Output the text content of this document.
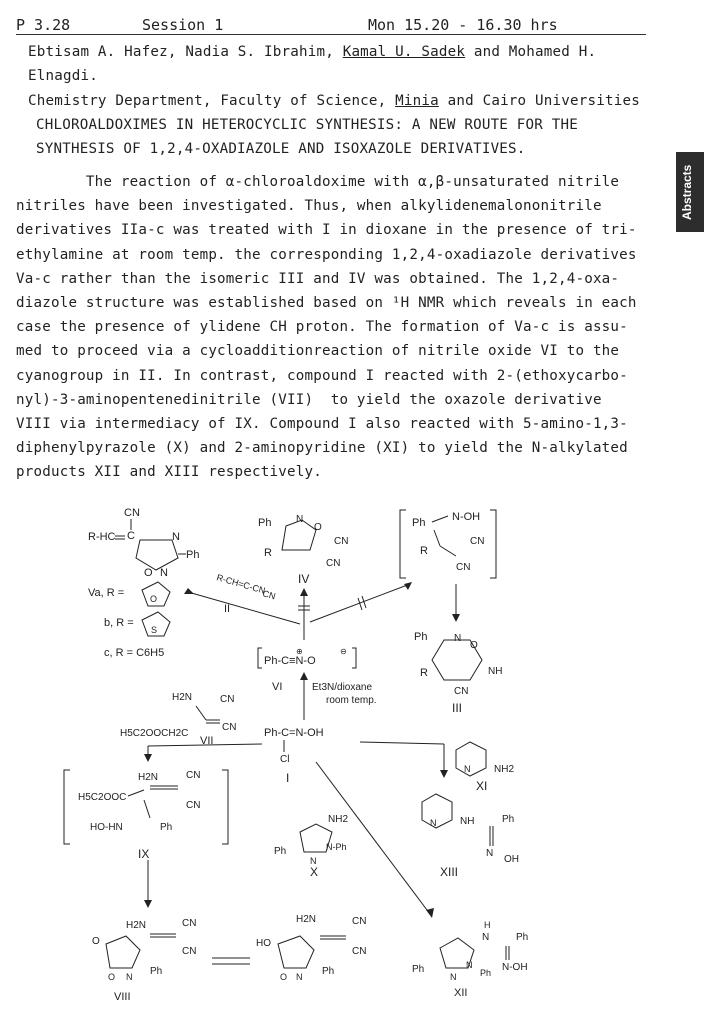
P 3.28	Session 1	Mon 15.20 - 16.30 hrs
Ebtisam A. Hafez, Nadia S. Ibrahim, Kamal U. Sadek and Mohamed H.
Elnagdi.
Chemistry Department, Faculty of Science, Minia and Cairo Universities
CHLOROALDOXIMES IN HETEROCYCLIC SYNTHESIS: A NEW ROUTE FOR THE
SYNTHESIS OF 1,2,4-OXADIAZOLE AND ISOXAZOLE DERIVATIVES.
The reaction of α-chloroaldoxime with α,β-unsaturated nitrile
nitriles have been investigated. Thus, when alkylidenemalononitrile
derivatives IIa-c was treated with I in dioxane in the presence of tri-
ethylamine at room temp. the corresponding 1,2,4-oxadiazole derivatives
Va-c rather than the isomeric III and IV was obtained. The 1,2,4-oxa-
diazole structure was established based on ¹H NMR which reveals in each
case the presence of ylidene CH proton. The formation of Va-c is assu-
med to proceed via a cycloadditionreaction of nitrile oxide VI to the
cyanogroup in II. In contrast, compound I reacted with 2-(ethoxycarbo-
nyl)-3-aminopentenedinitrile (VII)  to yield the oxazole derivative
VIII via intermediacy of IX. Compound I also reacted with 5-amino-1,3-
diphenylpyrazole (X) and 2-aminopyridine (XI) to yield the N-alkylated
products XII and XIII respectively.
Abstracts
CN
C
R-HC	N
O N
Ph
Va, R =	O
b, R =
S
c, R = C6H5
Ph N
O
R
CN
CN
IV
Ph N-OH
R
CN
CN
Ph	N
O
NH
R
CN
III
R-CH=C-CN
CN
II
Ph-C≡N-O
⊕	⊖
VI	Et3N/dioxane
room temp.
H2N	CN
CN
H5C2OOCH2C
VII
Ph-C=N-OH
Cl
I
N NH2
XI
H2N	CN
H5C2OOC
CN
HO-HN	Ph
IX
NH2
N
N-Ph
Ph
X
N NH	Ph
N
OH
XIII
H2N	CN
CN
O
O N Ph
VIII
H2N	CN
CN
HO
O N Ph	Ph
N
N
Ph
H
N	Ph
N-OH
XII
